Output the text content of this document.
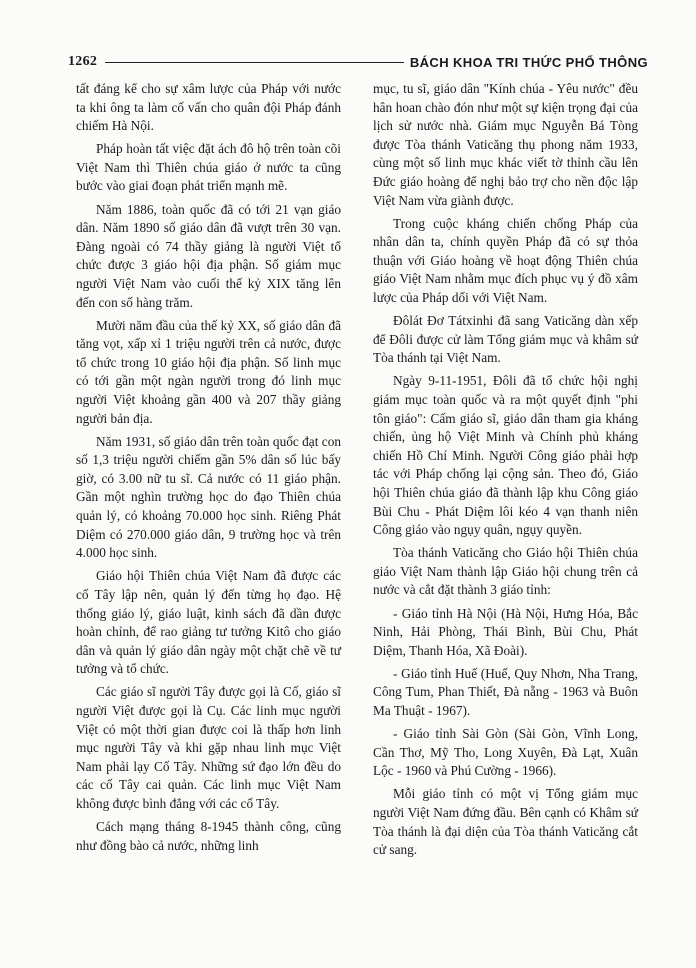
1262	BÁCH KHOA TRI THỨC PHỔ THÔNG

tất đáng kể cho sự xâm lược của Pháp với nước ta khi ông ta làm cố vấn cho quân đội Pháp đánh chiếm Hà Nội.

Pháp hoàn tất việc đặt ách đô hộ trên toàn cõi Việt Nam thì Thiên chúa giáo ở nước ta cũng bước vào giai đoạn phát triển mạnh mẽ.

Năm 1886, toàn quốc đã có tới 21 vạn giáo dân. Năm 1890 số giáo dân đã vượt trên 30 vạn. Đàng ngoài có 74 thầy giảng là người Việt tổ chức được 3 giáo hội địa phận. Số giám mục người Việt Nam vào cuối thế kỷ XIX tăng lên đến con số hàng trăm.

Mười năm đầu của thế kỷ XX, số giáo dân đã tăng vọt, xấp xỉ 1 triệu người trên cả nước, được tổ chức trong 10 giáo hội địa phận. Số linh mục có tới gần một ngàn người trong đó linh mục người Việt khoảng gần 400 và 207 thầy giảng người bản địa.

Năm 1931, số giáo dân trên toàn quốc đạt con số 1,3 triệu người chiếm gần 5% dân số lúc bấy giờ, có 3.00 nữ tu sĩ. Cả nước có 11 giáo phận. Gần một nghìn trường học do đạo Thiên chúa quản lý, có khoảng 70.000 học sinh. Riêng Phát Diệm có 270.000 giáo dân, 9 trường học và trên 4.000 học sinh.

Giáo hội Thiên chúa Việt Nam đã được các cố Tây lập nên, quản lý đến từng họ đạo. Hệ thống giáo lý, giáo luật, kinh sách đã dần được hoàn chỉnh, để rao giảng tư tưởng Kitô cho giáo dân và quản lý giáo dân ngày một chặt chẽ về tư tưởng và tổ chức.

Các giáo sĩ người Tây được gọi là Cố, giáo sĩ người Việt được gọi là Cụ. Các linh mục người Việt có một thời gian được coi là thấp hơn linh mục người Tây và khi gặp nhau linh mục Việt Nam phải lạy Cố Tây. Những sứ đạo lớn đều do các cố Tây cai quản. Các linh mục Việt Nam không được bình đẳng với các cố Tây.

Cách mạng tháng 8-1945 thành công, cũng như đồng bào cả nước, những linh

mục, tu sĩ, giáo dân "Kính chúa - Yêu nước" đều hân hoan chào đón như một sự kiện trọng đại của lịch sử nước nhà. Giám mục Nguyễn Bá Tòng được Tòa thánh Vaticăng thụ phong năm 1933, cùng một số linh mục khác viết tờ thỉnh cầu lên Đức giáo hoàng để nghị bảo trợ cho nền độc lập Việt Nam vừa giành được.

Trong cuộc kháng chiến chống Pháp của nhân dân ta, chính quyền Pháp đã có sự thỏa thuận với Giáo hoàng về hoạt động Thiên chúa giáo Việt Nam nhằm mục đích phục vụ ý đồ xâm lược của Pháp dối với Việt Nam.

Đôlát Đơ Tátxinhi đã sang Vaticăng dàn xếp để Đôli được cử làm Tổng giám mục và khâm sứ Tòa thánh tại Việt Nam.

Ngày 9-11-1951, Đôli đã tổ chức hội nghị giám mục toàn quốc và ra một quyết định "phi tôn giáo": Cấm giáo sĩ, giáo dân tham gia kháng chiến, ủng hộ Việt Minh và Chính phủ kháng chiến Hồ Chí Minh. Người Công giáo phải hợp tác với Pháp chống lại cộng sản. Theo đó, Giáo hội Thiên chúa giáo đã thành lập khu Công giáo Bùi Chu - Phát Diệm lôi kéo 4 vạn thanh niên Công giáo vào ngụy quân, ngụy quyền.

Tòa thánh Vaticăng cho Giáo hội Thiên chúa giáo Việt Nam thành lập Giáo hội chung trên cả nước và cắt đặt thành 3 giáo tỉnh:

- Giáo tỉnh Hà Nội (Hà Nội, Hưng Hóa, Bắc Ninh, Hải Phòng, Thái Bình, Bùi Chu, Phát Diệm, Thanh Hóa, Xã Đoài).

- Giáo tỉnh Huế (Huế, Quy Nhơn, Nha Trang, Công Tum, Phan Thiết, Đà nẵng - 1963 và Buôn Ma Thuật - 1967).

- Giáo tỉnh Sài Gòn (Sài Gòn, Vĩnh Long, Cần Thơ, Mỹ Tho, Long Xuyên, Đà Lạt, Xuân Lộc - 1960 và Phú Cường - 1966).

Mỗi giáo tỉnh có một vị Tổng giám mục người Việt Nam đứng đầu. Bên cạnh có Khâm sứ Tòa thánh là đại diện của Tòa thánh Vaticăng cắt cử sang.
